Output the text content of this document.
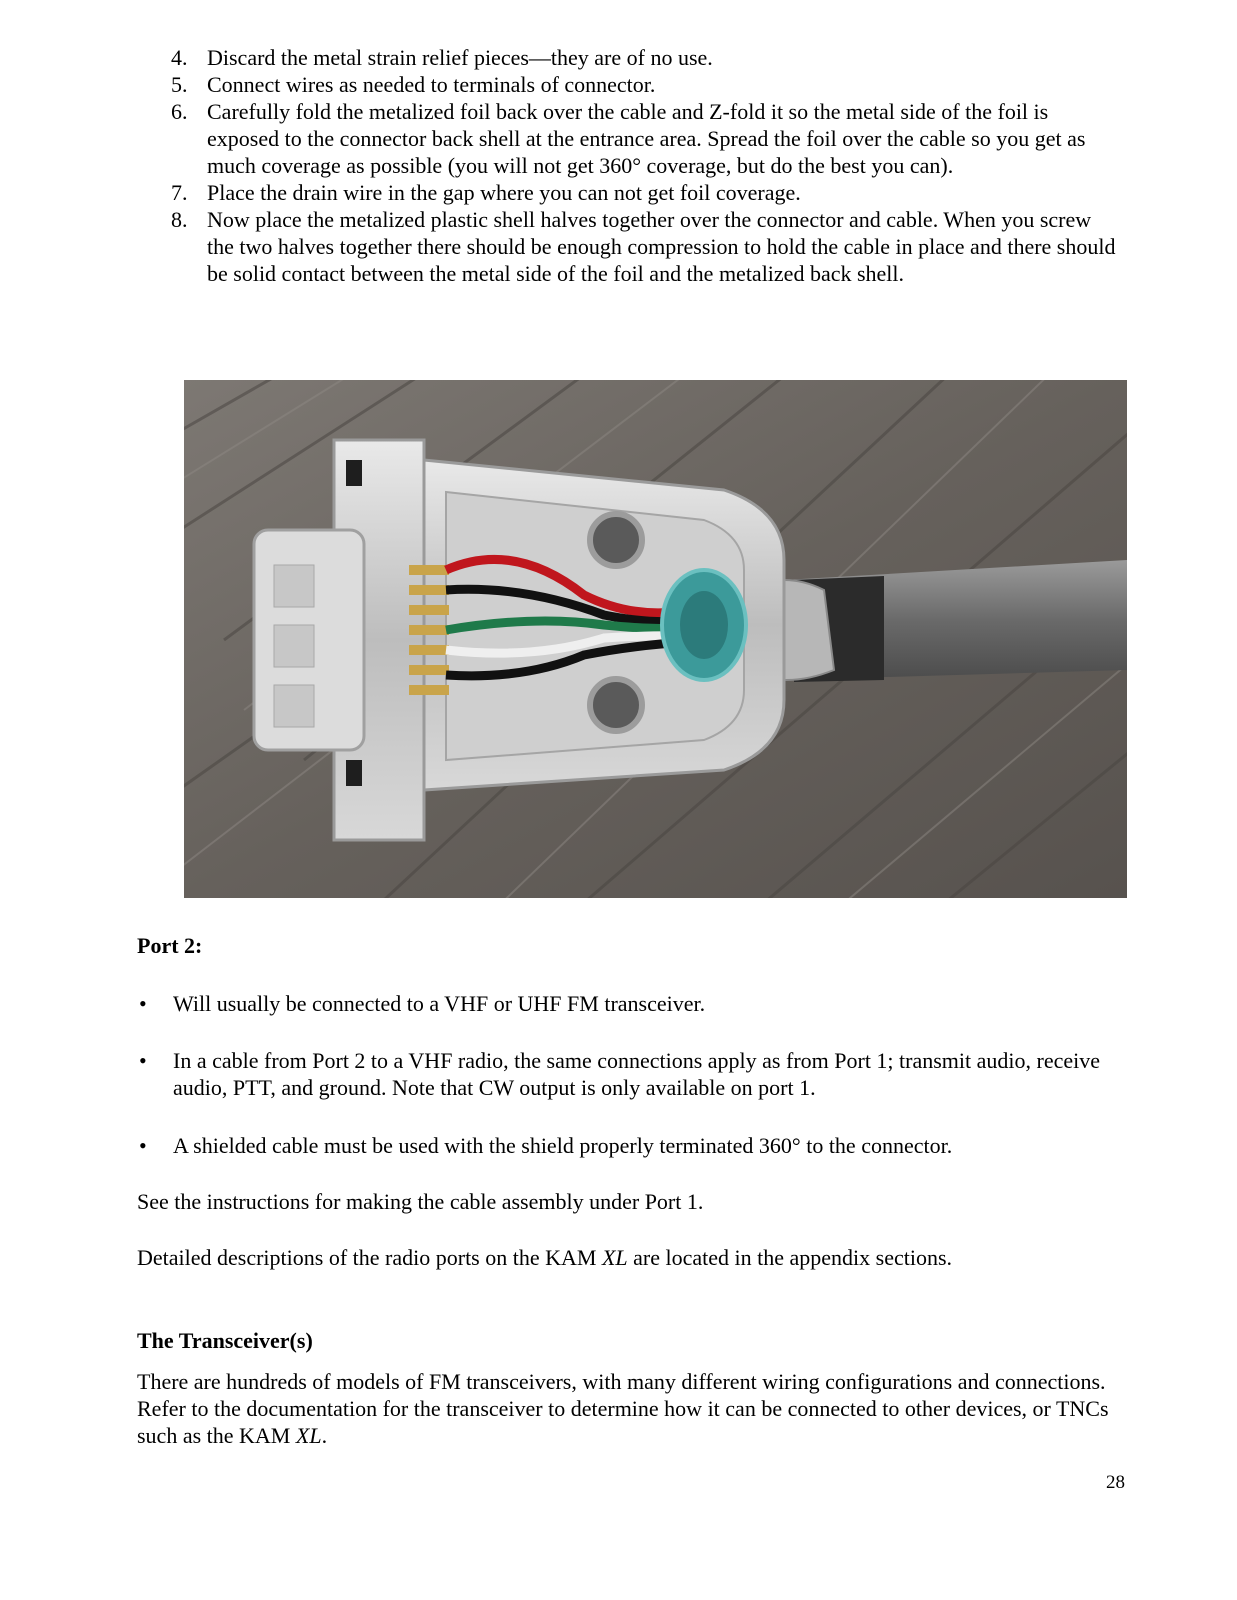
4. Discard the metal strain relief pieces—they are of no use.
5. Connect wires as needed to terminals of connector.
6. Carefully fold the metalized foil back over the cable and Z-fold it so the metal side of the foil is exposed to the connector back shell at the entrance area. Spread the foil over the cable so you get as much coverage as possible (you will not get 360° coverage, but do the best you can).
7. Place the drain wire in the gap where you can not get foil coverage.
8. Now place the metalized plastic shell halves together over the connector and cable. When you screw the two halves together there should be enough compression to hold the cable in place and there should be solid contact between the metal side of the foil and the metalized back shell.
Port 2:
• Will usually be connected to a VHF or UHF FM transceiver.
• In a cable from Port 2 to a VHF radio, the same connections apply as from Port 1; transmit audio, receive audio, PTT, and ground. Note that CW output is only available on port 1.
• A shielded cable must be used with the shield properly terminated 360° to the connector.

See the instructions for making the cable assembly under Port 1.

Detailed descriptions of the radio ports on the KAM XL are located in the appendix sections.

The Transceiver(s)

There are hundreds of models of FM transceivers, with many different wiring configurations and connections. Refer to the documentation for the transceiver to determine how it can be connected to other devices, or TNCs such as the KAM XL.

28
